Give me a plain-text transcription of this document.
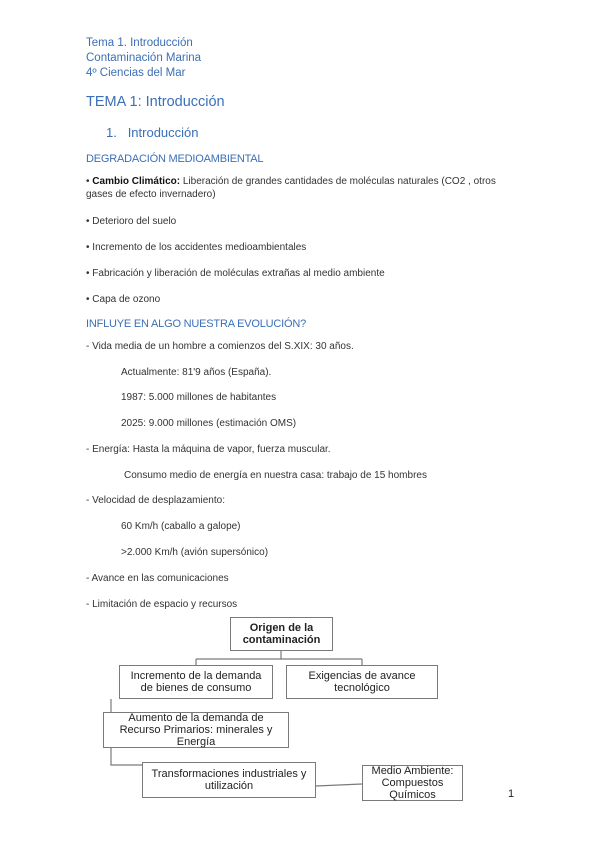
Tema 1. Introducción
Contaminación Marina
4º Ciencias del Mar
TEMA 1: Introducción
1. Introducción
DEGRADACIÓN MEDIOAMBIENTAL
• Cambio Climático: Liberación de grandes cantidades de moléculas naturales (CO2 , otros gases de efecto invernadero)
• Deterioro del suelo
• Incremento de los accidentes medioambientales
• Fabricación y liberación de moléculas extrañas al medio ambiente
• Capa de ozono
INFLUYE EN ALGO NUESTRA EVOLUCIÓN?
- Vida media de un hombre a comienzos del S.XIX: 30 años.
Actualmente: 81'9 años (España).
1987: 5.000 millones de habitantes
2025: 9.000 millones (estimación OMS)
- Energía: Hasta la máquina de vapor, fuerza muscular.
Consumo medio de energía en nuestra casa: trabajo de 15 hombres
- Velocidad de desplazamiento:
60 Km/h (caballo a galope)
>2.000 Km/h (avión supersónico)
- Avance en las comunicaciones
- Limitación de espacio y recursos
Origen de la contaminación
Incremento de la demanda de bienes de consumo
Exigencias de avance tecnológico
Aumento de la demanda de Recurso Primarios: minerales y Energía
Transformaciones industriales y utilización
Medio Ambiente: Compuestos Químicos	1
